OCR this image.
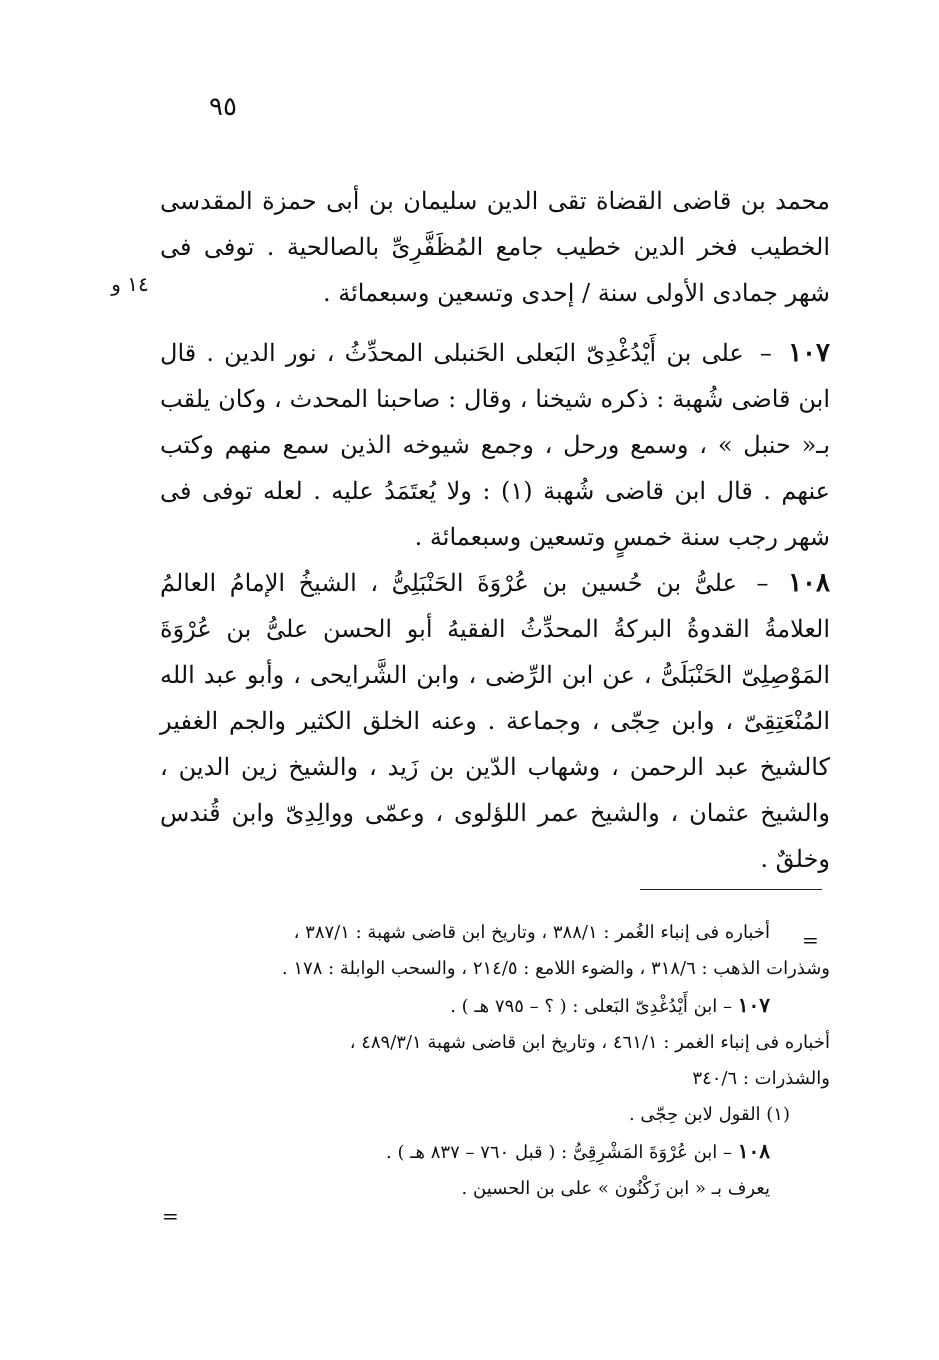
٩٥
١٤ و
محمد بن قاضى القضاة تقى الدين سليمان بن أبى حمزة المقدسى الخطيب فخر الدين خطيب جامع المُظَفَّرِىِّ بالصالحية . توفى فى شهر جمادى الأولى سنة / إحدى وتسعين وسبعمائة .
١٠٧ – على بن أَيْدُغْدِىّ البَعلى الحَنبلى المحدِّثُ ، نور الدين . قال ابن قاضى شُهبة : ذكره شيخنا ، وقال : صاحبنا المحدث ، وكان يلقب بـ« حنبل » ، وسمع ورحل ، وجمع شيوخه الذين سمع منهم وكتب عنهم . قال ابن قاضى شُهبة (١) : ولا يُعتَمَدُ عليه . لعله توفى فى شهر رجب سنة خمسٍ وتسعين وسبعمائة .
١٠٨ – علىُّ بن حُسين بن عُرْوَةَ الحَنْبَلِىُّ ، الشيخُ الإمامُ العالمُ العلامةُ القدوةُ البركةُ المحدِّثُ الفقيهُ أبو الحسن علىُّ بن عُرْوَةَ المَوْصِلِىّ الحَنْبَلَىُّ ، عن ابن الرِّضى ، وابن الشَّرايحى ، وأبو عبد الله المُنْعَتِقِىّ ، وابن حِجّى ، وجماعة . وعنه الخلق الكثير والجم الغفير كالشيخ عبد الرحمن ، وشهاب الدّين بن زَيد ، والشيخ زين الدين ، والشيخ عثمان ، والشيخ عمر اللؤلوى ، وعمّى ووالِدِىّ وابن قُندس وخلقٌ .
=
أخباره فى إنباء الغُمر : ٣٨٨/١ ، وتاريخ ابن قاضى شهبة : ٣٨٧/١ ،
وشذرات الذهب : ٣١٨/٦ ، والضوء اللامع : ٢١٤/٥ ، والسحب الوابلة : ١٧٨ .
١٠٧ – ابن أَيْدُغْدِىّ البَعلى : ( ؟ – ٧٩٥ هـ ) .
أخباره فى إنباء الغمر : ٤٦١/١ ، وتاريخ ابن قاضى شهبة ٤٨٩/٣/١ ،
والشذرات : ٣٤٠/٦
(١) القول لابن حِجّى .
١٠٨ – ابن عُرْوَةَ المَشْرِقِىُّ : ( قبل ٧٦٠ – ٨٣٧ هـ ) .
يعرف بـ « ابن زَكْنُون » على بن الحسين .
=
